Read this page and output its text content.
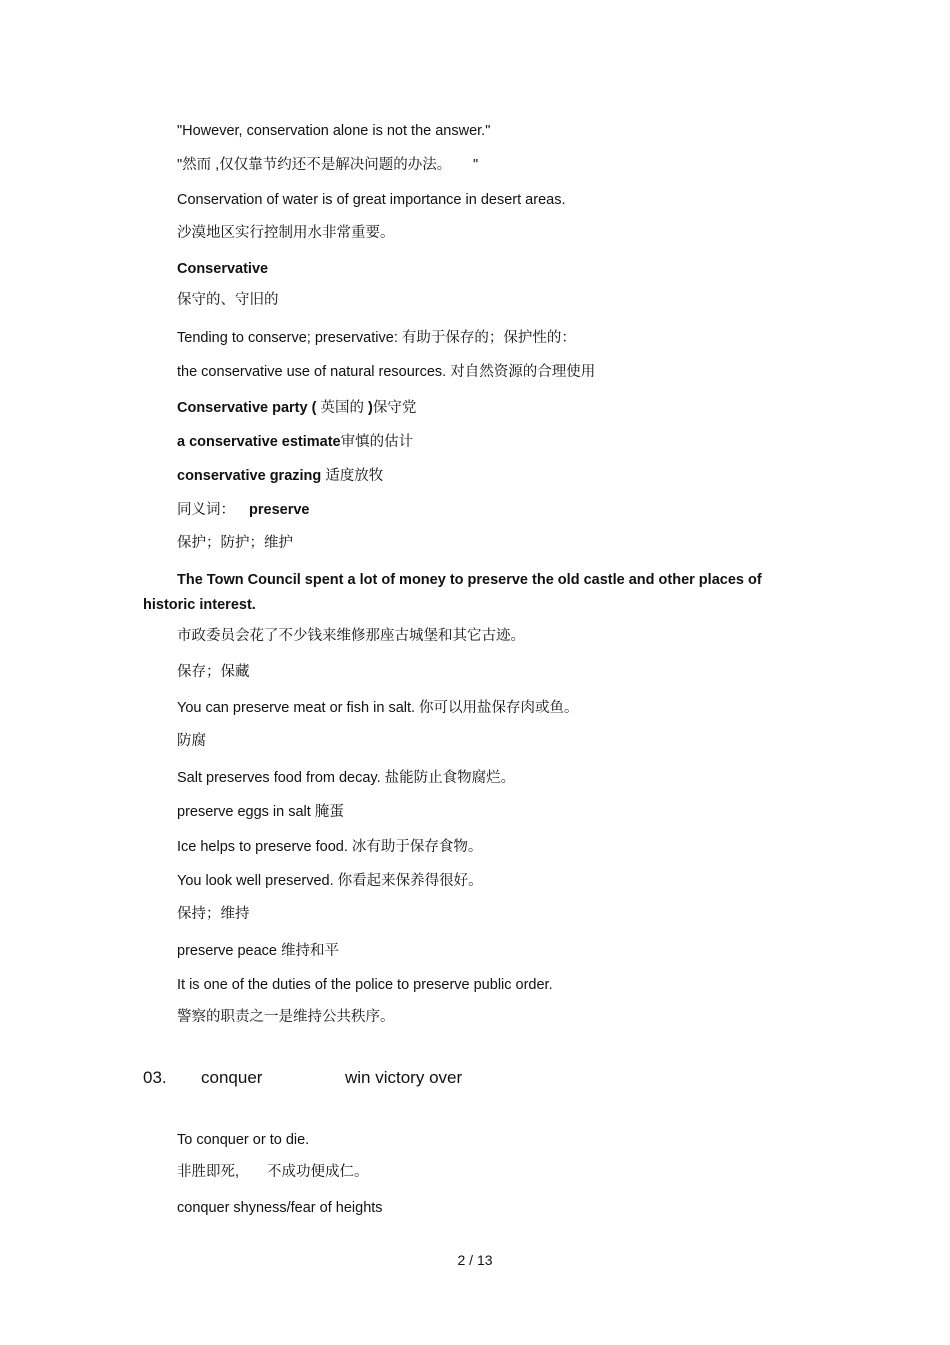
"However, conservation alone is not the answer."
"然而 ,仅仅靠节约还不是解决问题的办法。　　"
Conservation of water is of great importance in desert areas.
沙漠地区实行控制用水非常重要。
Conservative
保守的、守旧的
Tending to conserve; preservative: 有助于保存的；保护性的：
the conservative use of natural resources. 对自然资源的合理使用
Conservative party ( 英国的 )保守党
a conservative estimate审慎的估计
conservative grazing 适度放牧
同义词： preserve
保护；防护；维护
The Town Council spent a lot of money to preserve the old castle and other places of
historic interest.
市政委员会花了不少钱来维修那座古城堡和其它古迹。
保存；保藏
You can preserve meat or fish in salt. 你可以用盐保存肉或鱼。
防腐
Salt preserves food from decay. 盐能防止食物腐烂。
preserve eggs in salt 腌蛋
Ice helps to preserve food. 冰有助于保存食物。
You look well preserved. 你看起来保养得很好。
保持；维持
preserve peace 维持和平
It is one of the duties of the police to preserve public order.
警察的职责之一是维持公共秩序。
03. conquer	win victory over
To conquer or to die.
非胜即死, 不成功便成仁。
conquer shyness/fear of heights
2 / 13
